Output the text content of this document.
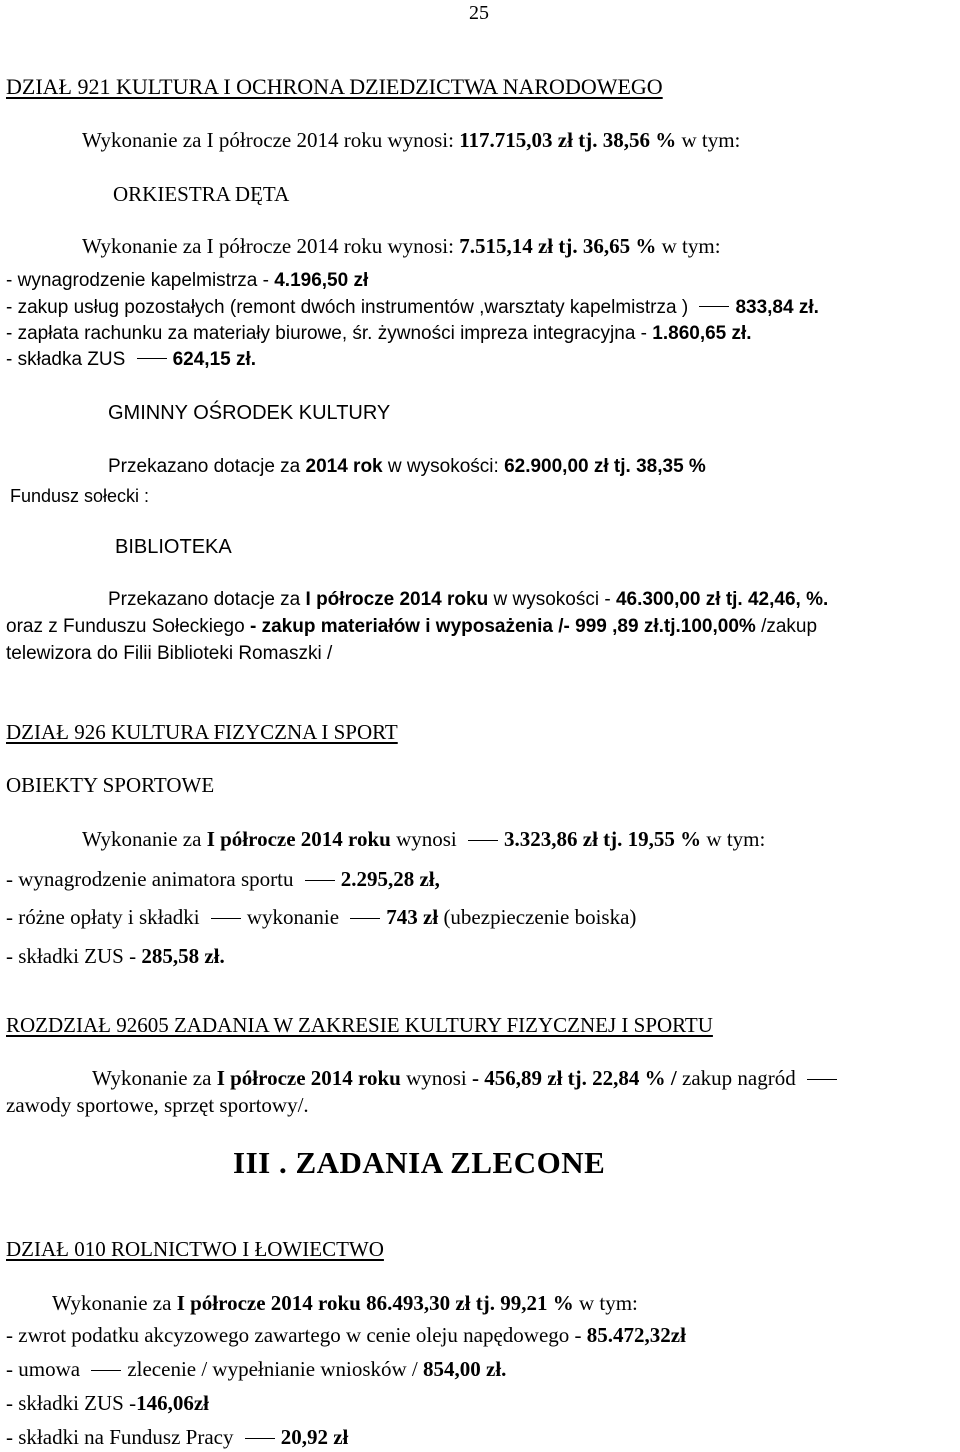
25
DZIAŁ 921 KULTURA I OCHRONA DZIEDZICTWA NARODOWEGO
Wykonanie za I półrocze 2014 roku wynosi: 117.715,03 zł tj. 38,56 % w tym:
ORKIESTRA DĘTA
Wykonanie za I półrocze 2014 roku wynosi: 7.515,14 zł tj. 36,65 % w tym:
- wynagrodzenie kapelmistrza - 4.196,50 zł
- zakup usług pozostałych (remont dwóch instrumentów ,warsztaty kapelmistrza ) 833,84 zł.
- zapłata rachunku za materiały biurowe, śr. żywności impreza integracyjna - 1.860,65 zł.
- składka ZUS 624,15 zł.
GMINNY OŚRODEK KULTURY
Przekazano dotacje za 2014 rok w wysokości: 62.900,00 zł tj. 38,35 %
Fundusz sołecki :
BIBLIOTEKA
Przekazano dotacje za I półrocze 2014 roku w wysokości - 46.300,00 zł tj. 42,46, %.
oraz z Funduszu Sołeckiego - zakup materiałów i wyposażenia /- 999 ,89 zł.tj.100,00% /zakup
telewizora do Filii Biblioteki Romaszki /
DZIAŁ 926 KULTURA FIZYCZNA I SPORT
OBIEKTY SPORTOWE
Wykonanie za I półrocze 2014 roku wynosi 3.323,86 zł tj. 19,55 % w tym:
- wynagrodzenie animatora sportu 2.295,28 zł,
- różne opłaty i składki wykonanie 743 zł (ubezpieczenie boiska)
- składki ZUS - 285,58 zł.
ROZDZIAŁ 92605 ZADANIA W ZAKRESIE KULTURY FIZYCZNEJ I SPORTU
Wykonanie za I półrocze 2014 roku wynosi - 456,89 zł tj. 22,84 % / zakup nagród
zawody sportowe, sprzęt sportowy/.
III . ZADANIA ZLECONE
DZIAŁ 010 ROLNICTWO I ŁOWIECTWO
Wykonanie za I półrocze 2014 roku 86.493,30 zł tj. 99,21 % w tym:
- zwrot podatku akcyzowego zawartego w cenie oleju napędowego - 85.472,32zł
- umowa zlecenie / wypełnianie wniosków / 854,00 zł.
- składki ZUS -146,06zł
- składki na Fundusz Pracy 20,92 zł
